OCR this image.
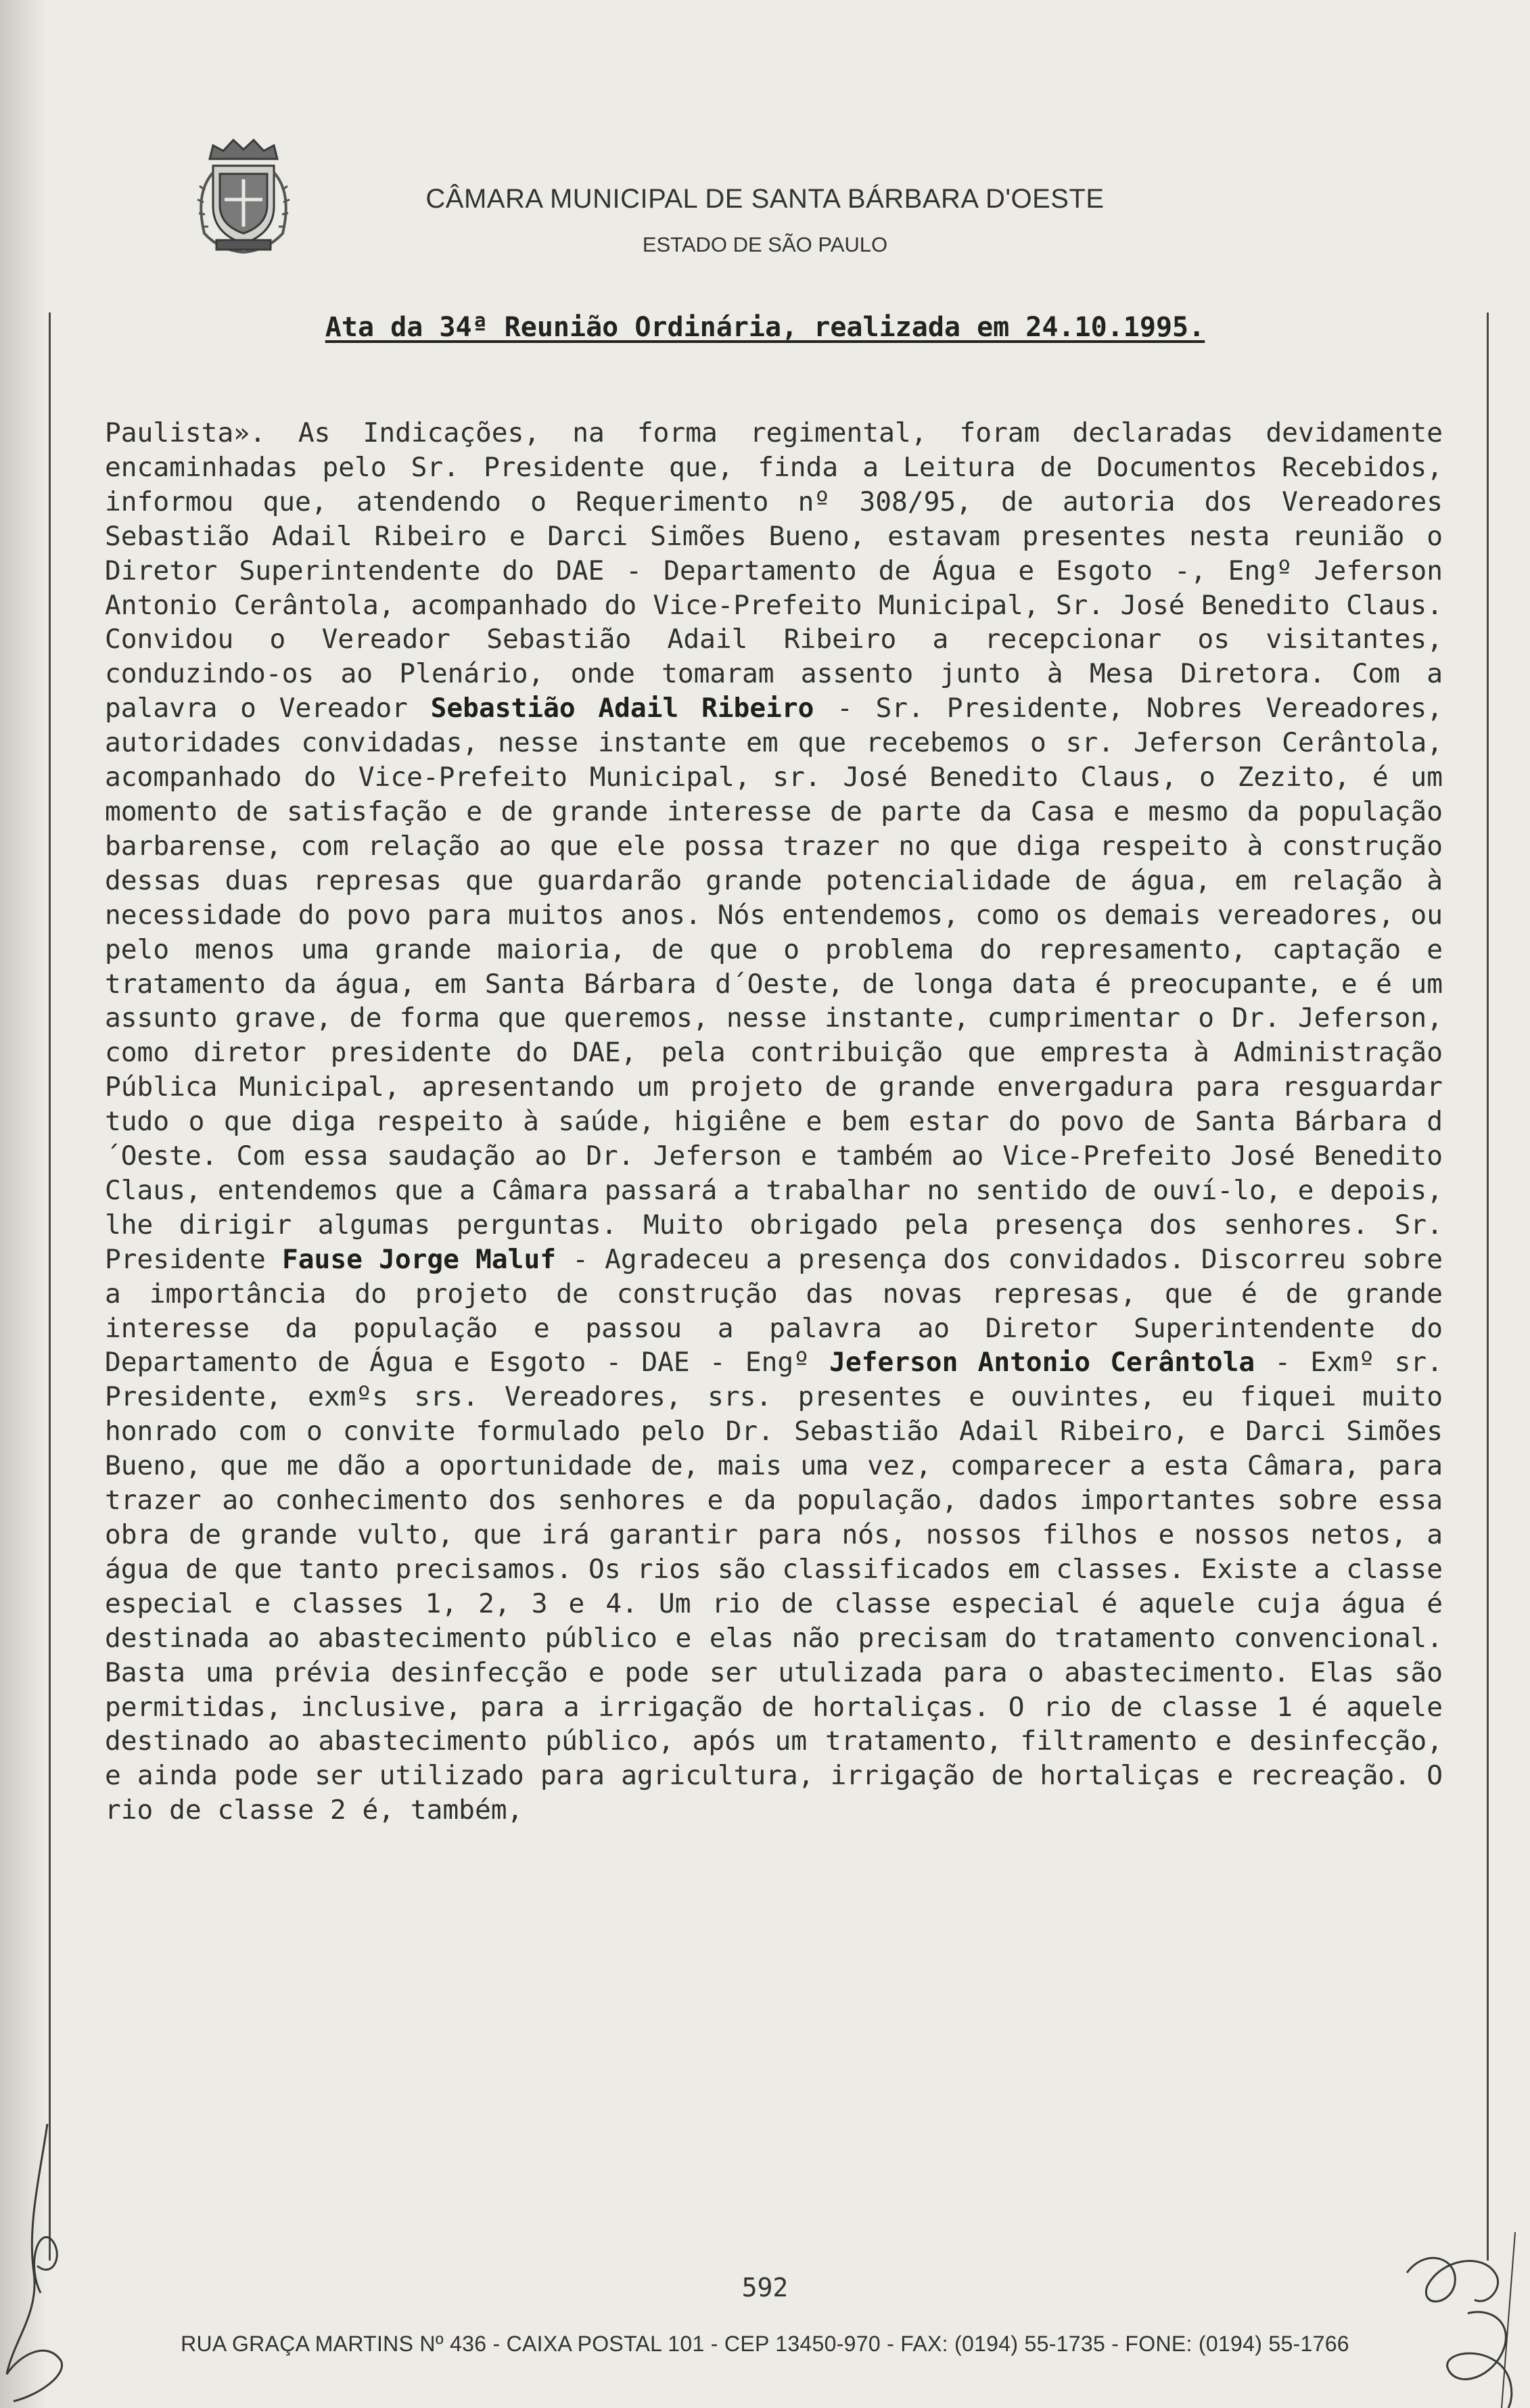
CÂMARA MUNICIPAL DE SANTA BÁRBARA D'OESTE
ESTADO DE SÃO PAULO
Ata da 34ª Reunião Ordinária, realizada em 24.10.1995.
Paulista». As Indicações, na forma regimental, foram declaradas devidamente encaminhadas pelo Sr. Presidente que, finda a Leitura de Documentos Recebidos, informou que, atendendo o Requerimento nº 308/95, de autoria dos Vereadores Sebastião Adail Ribeiro e Darci Simões Bueno, estavam presentes nesta reunião o Diretor Superintendente do DAE - Departamento de Água e Esgoto -, Engº Jeferson Antonio Cerântola, acompanhado do Vice-Prefeito Municipal, Sr. José Benedito Claus. Convidou o Vereador Sebastião Adail Ribeiro a recepcionar os visitantes, conduzindo-os ao Plenário, onde tomaram assento junto à Mesa Diretora. Com a palavra o Vereador Sebastião Adail Ribeiro - Sr. Presidente, Nobres Vereadores, autoridades convidadas, nesse instante em que recebemos o sr. Jeferson Cerântola, acompanhado do Vice-Prefeito Municipal, sr. José Benedito Claus, o Zezito, é um momento de satisfação e de grande interesse de parte da Casa e mesmo da população barbarense, com relação ao que ele possa trazer no que diga respeito à construção dessas duas represas que guardarão grande potencialidade de água, em relação à necessidade do povo para muitos anos. Nós entendemos, como os demais vereadores, ou pelo menos uma grande maioria, de que o problema do represamento, captação e tratamento da água, em Santa Bárbara d´Oeste, de longa data é preocupante, e é um assunto grave, de forma que queremos, nesse instante, cumprimentar o Dr. Jeferson, como diretor presidente do DAE, pela contribuição que empresta à Administração Pública Municipal, apresentando um projeto de grande envergadura para resguardar tudo o que diga respeito à saúde, higiêne e bem estar do povo de Santa Bárbara d´Oeste. Com essa saudação ao Dr. Jeferson e também ao Vice-Prefeito José Benedito Claus, entendemos que a Câmara passará a trabalhar no sentido de ouví-lo, e depois, lhe dirigir algumas perguntas. Muito obrigado pela presença dos senhores. Sr. Presidente Fause Jorge Maluf - Agradeceu a presença dos convidados. Discorreu sobre a importância do projeto de construção das novas represas, que é de grande interesse da população e passou a palavra ao Diretor Superintendente do Departamento de Água e Esgoto - DAE - Engº Jeferson Antonio Cerântola - Exmº sr. Presidente, exmºs srs. Vereadores, srs. presentes e ouvintes, eu fiquei muito honrado com o convite formulado pelo Dr. Sebastião Adail Ribeiro, e Darci Simões Bueno, que me dão a oportunidade de, mais uma vez, comparecer a esta Câmara, para trazer ao conhecimento dos senhores e da população, dados importantes sobre essa obra de grande vulto, que irá garantir para nós, nossos filhos e nossos netos, a água de que tanto precisamos. Os rios são classificados em classes. Existe a classe especial e classes 1, 2, 3 e 4. Um rio de classe especial é aquele cuja água é destinada ao abastecimento público e elas não precisam do tratamento convencional. Basta uma prévia desinfecção e pode ser utulizada para o abastecimento. Elas são permitidas, inclusive, para a irrigação de hortaliças. O rio de classe 1 é aquele destinado ao abastecimento público, após um tratamento, filtramento e desinfecção, e ainda pode ser utilizado para agricultura, irrigação de hortaliças e recreação. O rio de classe 2 é, também,
592
RUA GRAÇA MARTINS Nº 436 - CAIXA POSTAL 101 - CEP 13450-970 - FAX: (0194) 55-1735 - FONE: (0194) 55-1766
